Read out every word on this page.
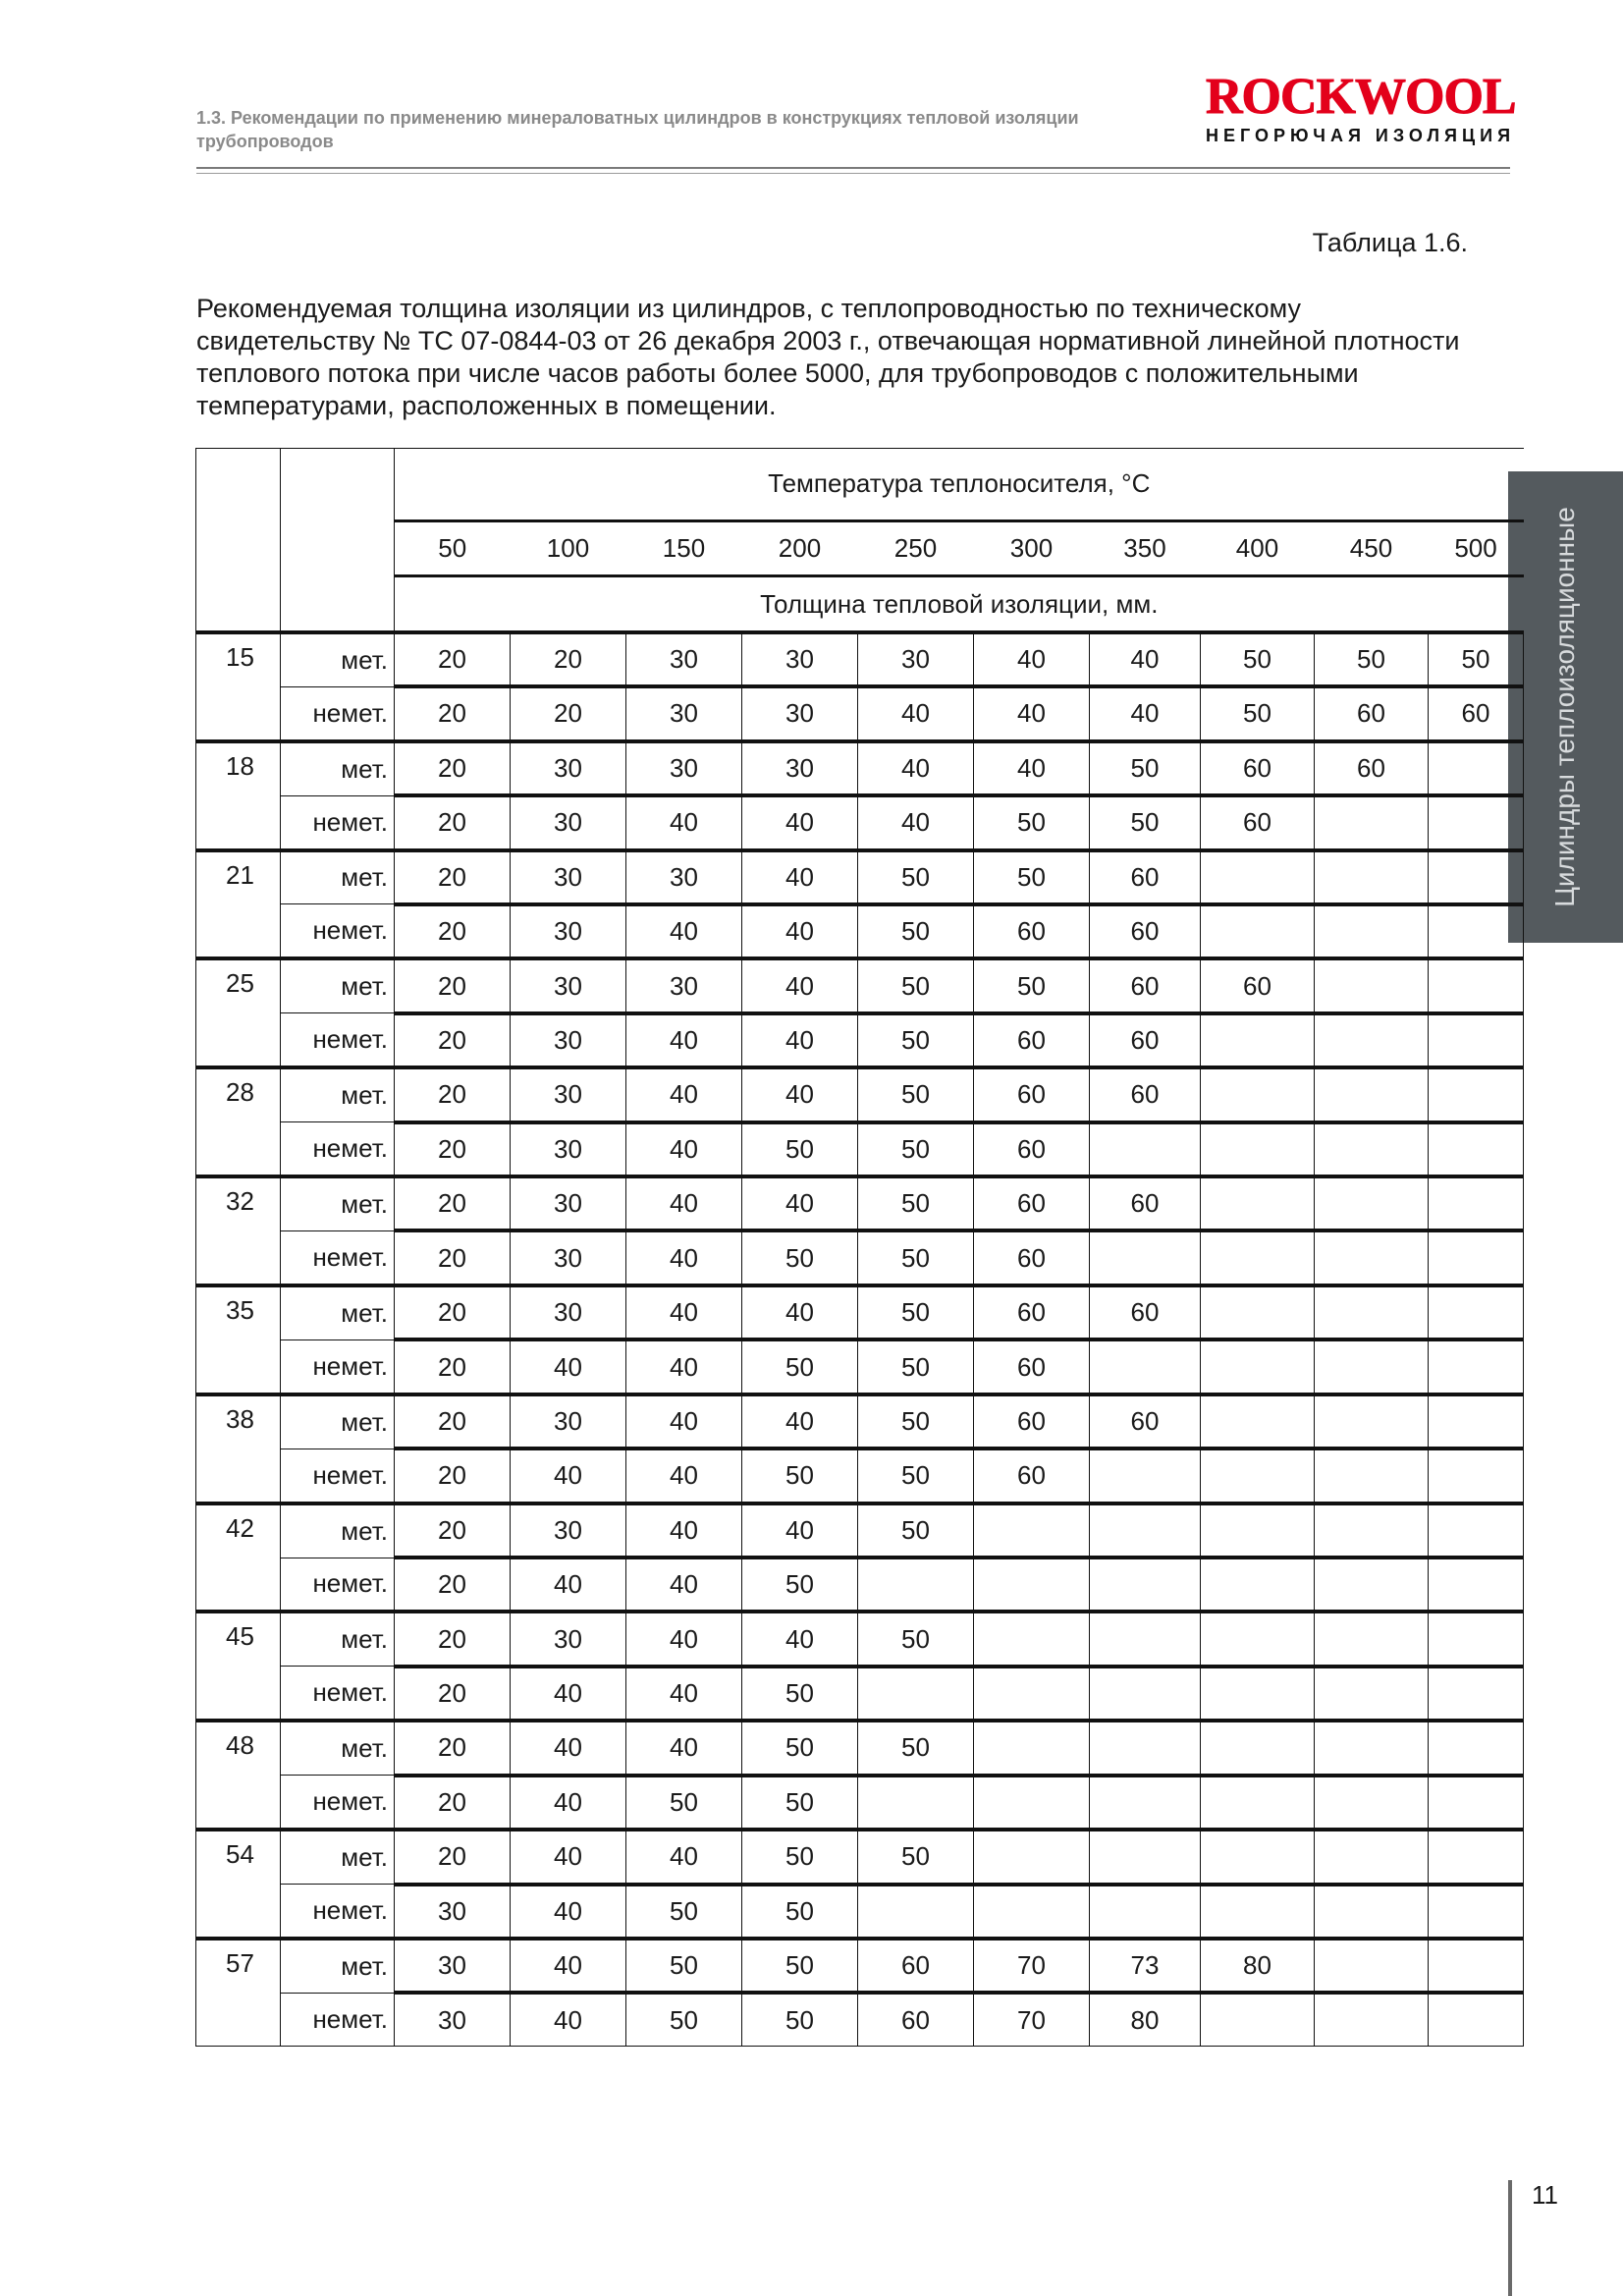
1.3. Рекомендации по применению минераловатных цилиндров в конструкциях тепловой изоляции трубопроводов
ROCKWOOL
НЕГОРЮЧАЯ ИЗОЛЯЦИЯ
Таблица 1.6.
Рекомендуемая толщина изоляции из цилиндров, с теплопроводностью по техническому свидетельству № ТС 07-0844-03 от 26 декабря 2003 г., отвечающая нормативной линейной плотности теплового потока при числе часов работы более 5000, для трубопроводов с положительными температурами, расположенных в помещении.
Цилиндры теплоизоляционные
		Температура теплоносителя, °С									
		50	100	150	200	250	300	350	400	450	500
		Толщина тепловой изоляции, мм.									
15	мет.	20	20	30	30	30	40	40	50	50	50
	немет.	20	20	30	30	40	40	40	50	60	60
18	мет.	20	30	30	30	40	40	50	60	60	
	немет.	20	30	40	40	40	50	50	60		
21	мет.	20	30	30	40	50	50	60			
	немет.	20	30	40	40	50	60	60			
25	мет.	20	30	30	40	50	50	60	60		
	немет.	20	30	40	40	50	60	60			
28	мет.	20	30	40	40	50	60	60			
	немет.	20	30	40	50	50	60				
32	мет.	20	30	40	40	50	60	60			
	немет.	20	30	40	50	50	60				
35	мет.	20	30	40	40	50	60	60			
	немет.	20	40	40	50	50	60				
38	мет.	20	30	40	40	50	60	60			
	немет.	20	40	40	50	50	60				
42	мет.	20	30	40	40	50					
	немет.	20	40	40	50						
45	мет.	20	30	40	40	50					
	немет.	20	40	40	50						
48	мет.	20	40	40	50	50					
	немет.	20	40	50	50						
54	мет.	20	40	40	50	50					
	немет.	30	40	50	50						
57	мет.	30	40	50	50	60	70	73	80		
	немет.	30	40	50	50	60	70	80			
11
